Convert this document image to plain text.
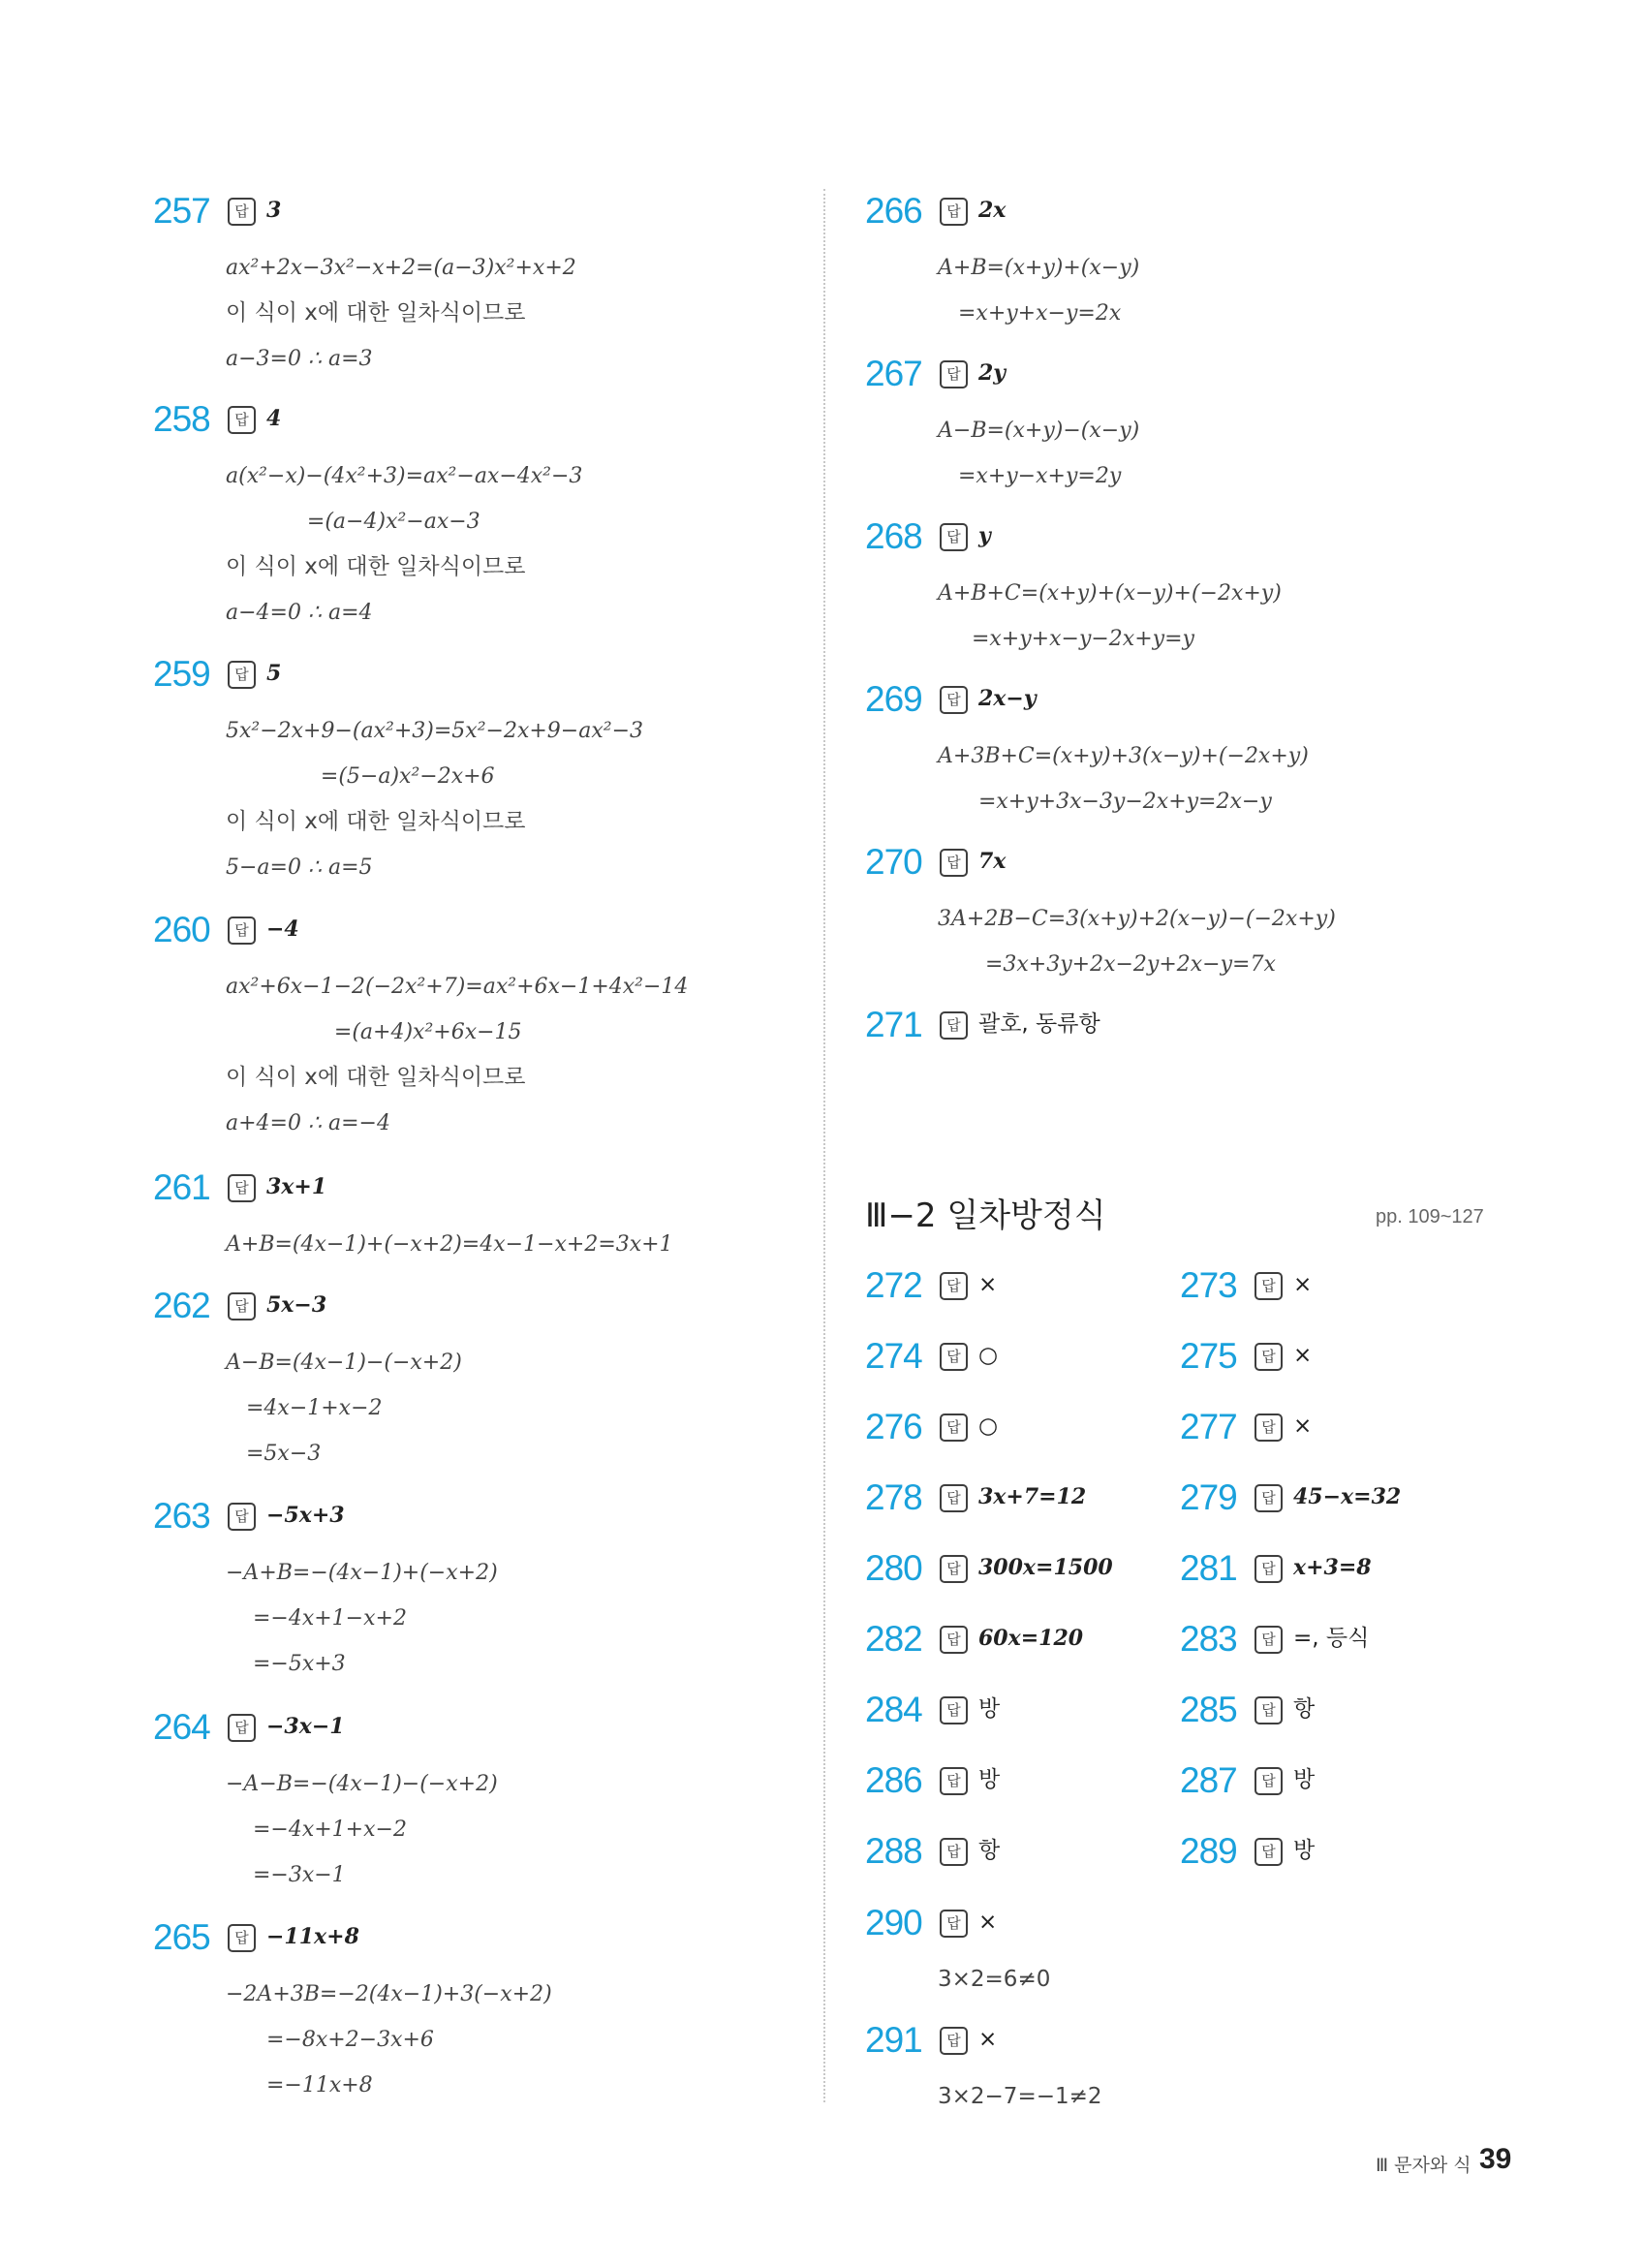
257	답 3
ax²+2x−3x²−x+2=(a−3)x²+x+2
이 식이 x에 대한 일차식이므로
a−3=0 ∴ a=3
258	답 4
a(x²−x)−(4x²+3)=ax²−ax−4x²−3
=(a−4)x²−ax−3
이 식이 x에 대한 일차식이므로
a−4=0 ∴ a=4
259	답 5
5x²−2x+9−(ax²+3)=5x²−2x+9−ax²−3
=(5−a)x²−2x+6
이 식이 x에 대한 일차식이므로
5−a=0 ∴ a=5
260	답 −4
ax²+6x−1−2(−2x²+7)=ax²+6x−1+4x²−14
=(a+4)x²+6x−15
이 식이 x에 대한 일차식이므로
a+4=0 ∴ a=−4
261	답 3x+1
A+B=(4x−1)+(−x+2)=4x−1−x+2=3x+1
262	답 5x−3
A−B=(4x−1)−(−x+2)
=4x−1+x−2
=5x−3
263	답 −5x+3
−A+B=−(4x−1)+(−x+2)
=−4x+1−x+2
=−5x+3
264	답 −3x−1
−A−B=−(4x−1)−(−x+2)
=−4x+1+x−2
=−3x−1
265	답 −11x+8
−2A+3B=−2(4x−1)+3(−x+2)
=−8x+2−3x+6
=−11x+8
266	답 2x
A+B=(x+y)+(x−y)
=x+y+x−y=2x
267	답 2y
A−B=(x+y)−(x−y)
=x+y−x+y=2y
268	답 y
A+B+C=(x+y)+(x−y)+(−2x+y)
=x+y+x−y−2x+y=y
269	답 2x−y
A+3B+C=(x+y)+3(x−y)+(−2x+y)
=x+y+3x−3y−2x+y=2x−y
270	답 7x
3A+2B−C=3(x+y)+2(x−y)−(−2x+y)
=3x+3y+2x−2y+2x−y=7x
271	답 괄호, 동류항
Ⅲ−2 일차방정식	pp. 109~127
272	답 ×	273	답 ×
274	답 ○	275	답 ×
276	답 ○	277	답 ×
278	답 3x+7=12	279	답 45−x=32
280	답 300x=1500 281	답 x+3=8
282	답 60x=120	283	답 =, 등식
284	답 방	285	답 항
286	답 방	287	답 방
288	답 항	289	답 방
290	답 ×
3×2=6≠0
291	답 ×
3×2−7=−1≠2
Ⅲ 문자와 식 39
